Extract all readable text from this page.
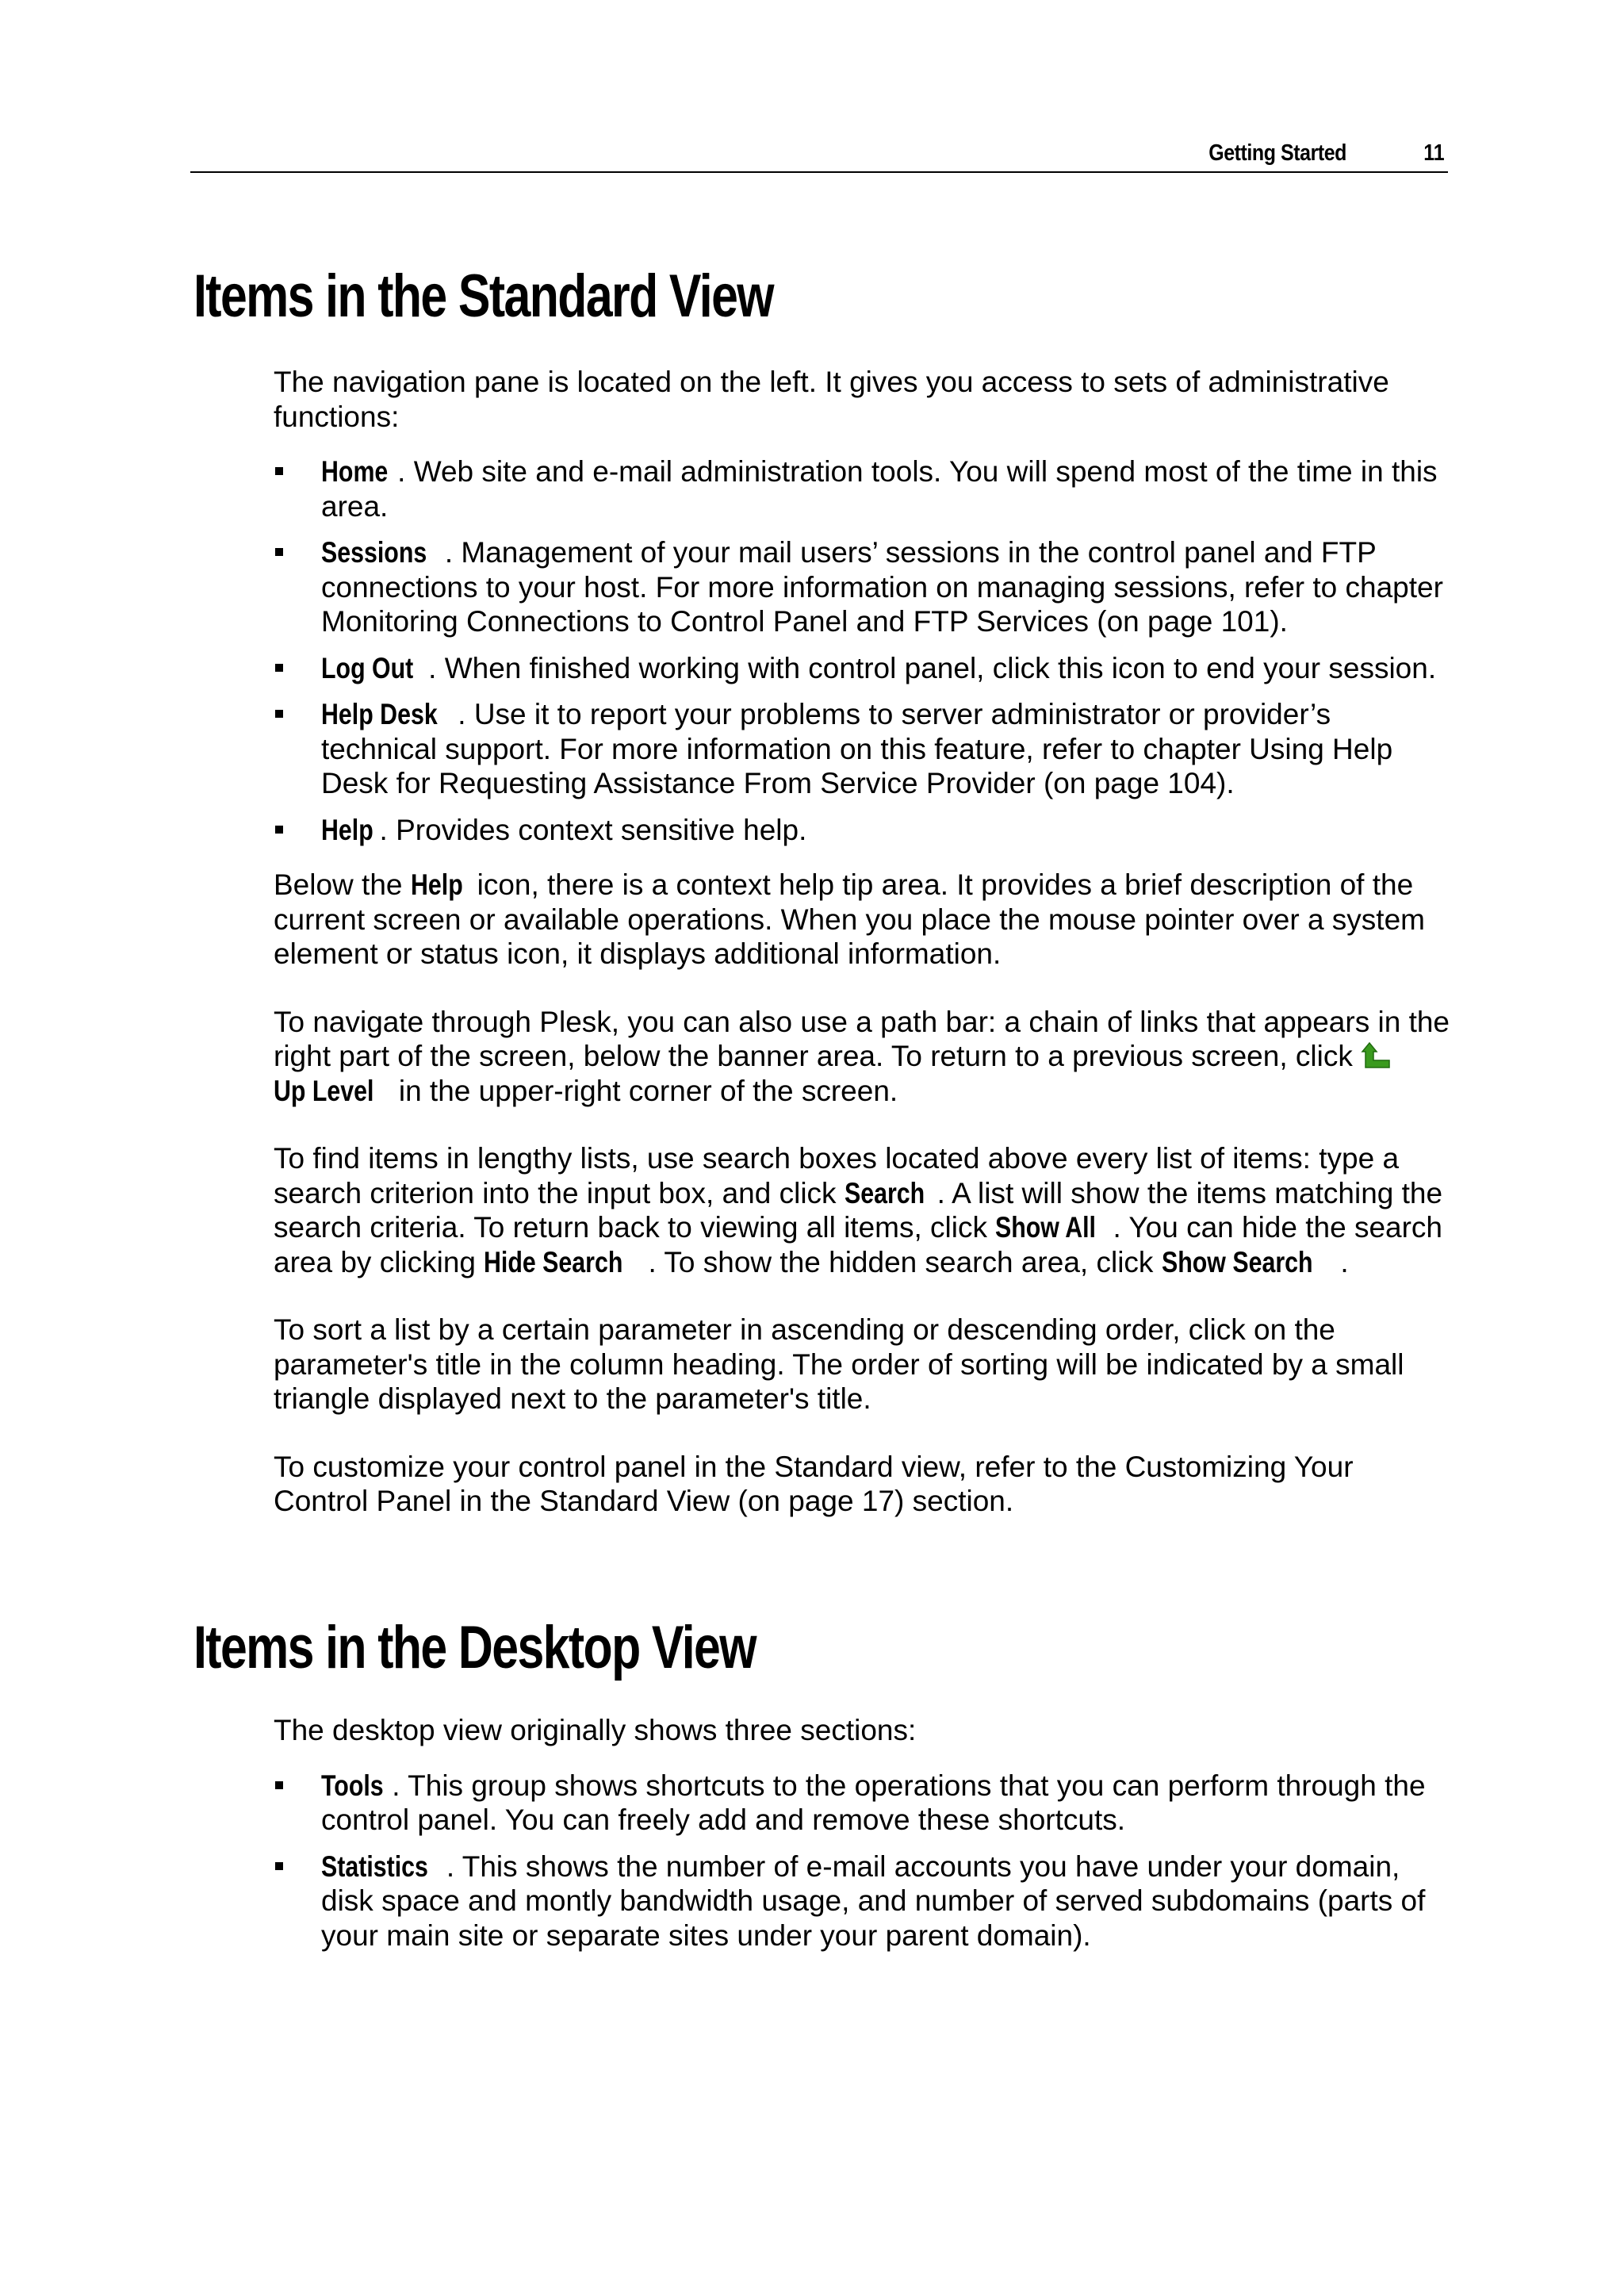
Getting Started	11
Items in the Standard View

The navigation pane is located on the left. It gives you access to sets of administrative functions:

Home . Web site and e-mail administration tools. You will spend most of the time in this area.
Sessions . Management of your mail users’ sessions in the control panel and FTP connections to your host. For more information on managing sessions, refer to chapter Monitoring Connections to Control Panel and FTP Services (on page 101).
Log Out . When finished working with control panel, click this icon to end your session.
Help Desk . Use it to report your problems to server administrator or provider’s technical support. For more information on this feature, refer to chapter Using Help Desk for Requesting Assistance From Service Provider (on page 104).
Help . Provides context sensitive help.

Below the Help icon, there is a context help tip area. It provides a brief description of the current screen or available operations. When you place the mouse pointer over a system element or status icon, it displays additional information.

To navigate through Plesk, you can also use a path bar: a chain of links that appears in the right part of the screen, below the banner area. To return to a previous screen, click Up Level in the upper-right corner of the screen.

To find items in lengthy lists, use search boxes located above every list of items: type a search criterion into the input box, and click Search . A list will show the items matching the search criteria. To return back to viewing all items, click Show All . You can hide the search area by clicking Hide Search . To show the hidden search area, click Show Search .

To sort a list by a certain parameter in ascending or descending order, click on the parameter's title in the column heading. The order of sorting will be indicated by a small triangle displayed next to the parameter's title.

To customize your control panel in the Standard view, refer to the Customizing Your Control Panel in the Standard View (on page 17) section.

Items in the Desktop View

The desktop view originally shows three sections:

Tools . This group shows shortcuts to the operations that you can perform through the control panel. You can freely add and remove these shortcuts.
Statistics . This shows the number of e-mail accounts you have under your domain, disk space and montly bandwidth usage, and number of served subdomains (parts of your main site or separate sites under your parent domain).
